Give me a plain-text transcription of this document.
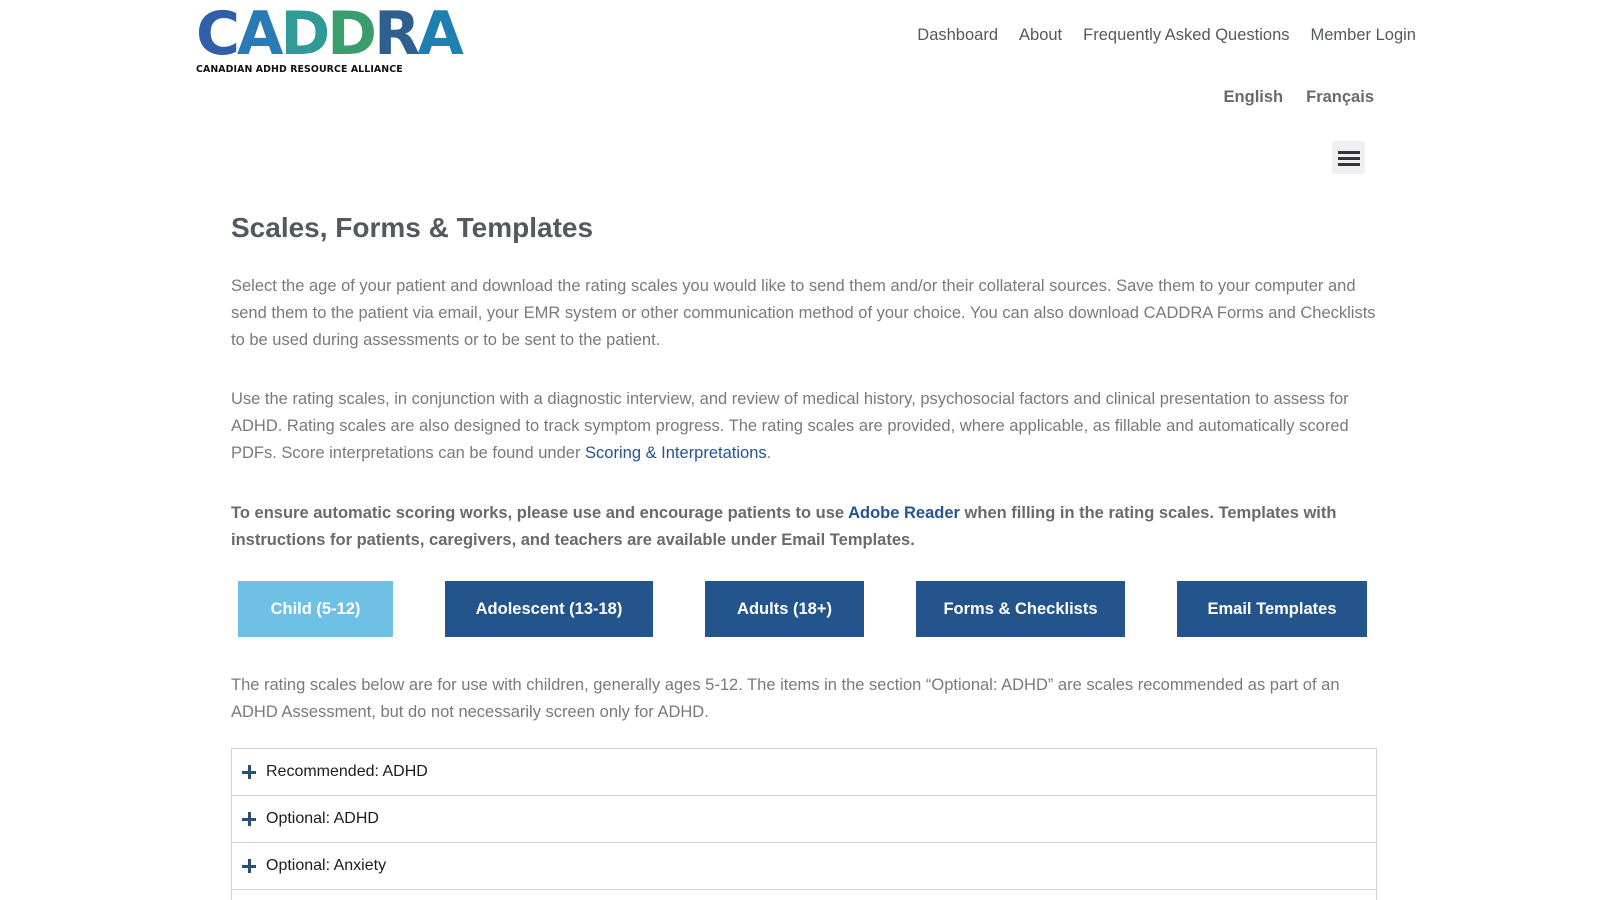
C A D D R A
CANADIAN ADHD RESOURCE ALLIANCE
Dashboard About Frequently Asked Questions Member Login
English Français
Scales, Forms & Templates

Select the age of your patient and download the rating scales you would like to send them and/or their collateral sources. Save them to your computer and send them to the patient via email, your EMR system or other communication method of your choice. You can also download CADDRA Forms and Checklists to be used during assessments or to be sent to the patient.

Use the rating scales, in conjunction with a diagnostic interview, and review of medical history, psychosocial factors and clinical presentation to assess for ADHD. Rating scales are also designed to track symptom progress. The rating scales are provided, where applicable, as fillable and automatically scored PDFs. Score interpretations can be found under Scoring & Interpretations.

To ensure automatic scoring works, please use and encourage patients to use Adobe Reader when filling in the rating scales. Templates with instructions for patients, caregivers, and teachers are available under Email Templates.

Child (5-12)	Adolescent (13-18)	Adults (18+)	Forms & Checklists	Email Templates

The rating scales below are for use with children, generally ages 5-12. The items in the section “Optional: ADHD” are scales recommended as part of an ADHD Assessment, but do not necessarily screen only for ADHD.

Recommended: ADHD
Optional: ADHD
Optional: Anxiety
